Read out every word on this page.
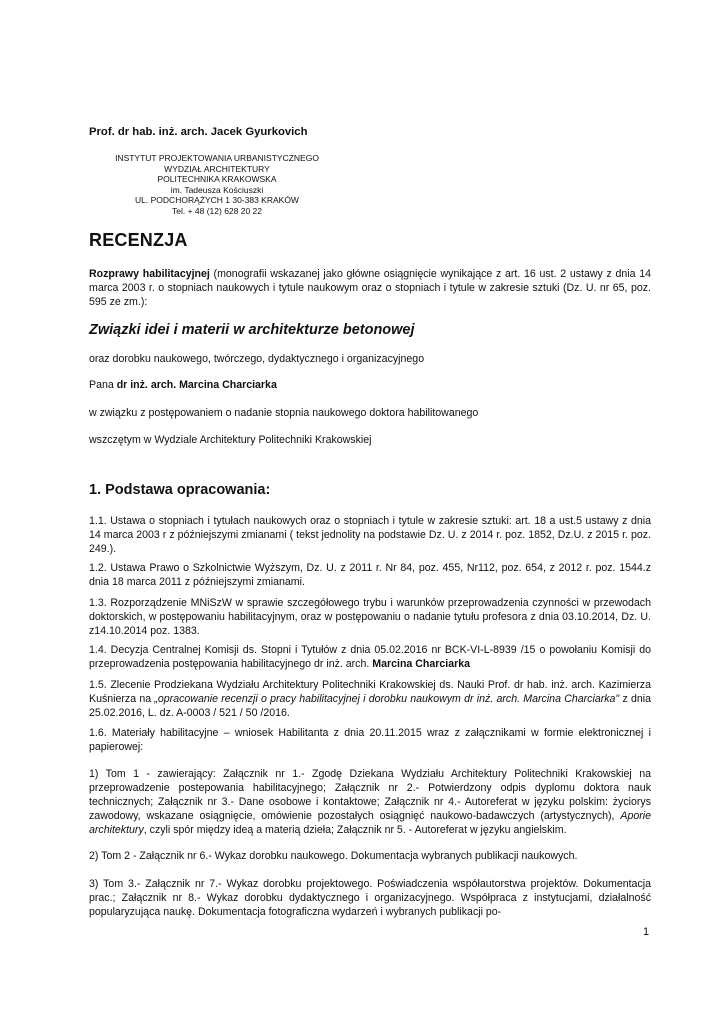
Prof. dr hab. inż. arch. Jacek Gyurkovich
INSTYTUT PROJEKTOWANIA URBANISTYCZNEGO
WYDZIAŁ ARCHITEKTURY
POLITECHNIKA KRAKOWSKA
im. Tadeusza Kościuszki
UL. PODCHORĄŻYCH 1 30-383 KRAKÓW
Tel. + 48 (12) 628 20 22
RECENZJA

Rozprawy habilitacyjnej (monografii wskazanej jako główne osiągnięcie wynikające z art. 16 ust. 2 ustawy z dnia 14 marca 2003 r. o stopniach naukowych i tytule naukowym oraz o stopniach i tytule w zakresie sztuki (Dz. U. nr 65, poz. 595 ze zm.):

Związki idei i materii w architekturze betonowej
oraz dorobku naukowego, twórczego, dydaktycznego i organizacyjnego
Pana dr inż. arch. Marcina Charciarka
w związku z postępowaniem o nadanie stopnia naukowego doktora habilitowanego
wszczętym w Wydziale Architektury Politechniki Krakowskiej
1. Podstawa opracowania:

1.1. Ustawa o stopniach i tytułach naukowych oraz o stopniach i tytule w zakresie sztuki: art. 18 a ust.5 ustawy z dnia 14 marca 2003 r z późniejszymi zmianami ( tekst jednolity na podstawie Dz. U. z 2014 r. poz. 1852, Dz.U. z 2015 r. poz. 249.).

1.2. Ustawa Prawo o Szkolnictwie Wyższym, Dz. U. z 2011 r. Nr 84, poz. 455, Nr112, poz. 654, z 2012 r. poz. 1544.z dnia 18 marca 2011 z późniejszymi zmianami.

1.3. Rozporządzenie MNiSzW w sprawie szczegółowego trybu i warunków przeprowadzenia czynności w przewodach doktorskich, w postępowaniu habilitacyjnym, oraz w postępowaniu o nadanie tytułu profesora z dnia 03.10.2014, Dz. U. z14.10.2014 poz. 1383.

1.4. Decyzja Centralnej Komisji ds. Stopni i Tytułów z dnia 05.02.2016 nr BCK-VI-L-8939 /15 o powołaniu Komisji do przeprowadzenia postępowania habilitacyjnego dr inż. arch. Marcina Charciarka

1.5. Zlecenie Prodziekana Wydziału Architektury Politechniki Krakowskiej ds. Nauki Prof. dr hab. inż. arch. Kazimierza Kuśnierza na „opracowanie recenzji o pracy habilitacyjnej i dorobku naukowym dr inż. arch. Marcina Charciarka" z dnia 25.02.2016, L. dz. A-0003 / 521 / 50 /2016.

1.6. Materiały habilitacyjne – wniosek Habilitanta z dnia 20.11.2015 wraz z załącznikami w formie elektronicznej i papierowej:

1) Tom 1 - zawierający: Załącznik nr 1.- Zgodę Dziekana Wydziału Architektury Politechniki Krakowskiej na przeprowadzenie postepowania habilitacyjnego; Załącznik nr 2.- Potwierdzony odpis dyplomu doktora nauk technicznych; Załącznik nr 3.- Dane osobowe i kontaktowe; Załącznik nr 4.- Autoreferat w języku polskim: życiorys zawodowy, wskazane osiągnięcie, omówienie pozostałych osiągnięć naukowo-badawczych (artystycznych), Aporie architektury, czyli spór między ideą a materią dzieła; Załącznik nr 5. - Autoreferat w języku angielskim.

2) Tom 2 - Załącznik nr 6.- Wykaz dorobku naukowego. Dokumentacja wybranych publikacji naukowych.

3) Tom 3.- Załącznik nr 7.- Wykaz dorobku projektowego. Poświadczenia współautorstwa projektów. Dokumentacja prac.; Załącznik nr 8.- Wykaz dorobku dydaktycznego i organizacyjnego. Współpraca z instytucjami, działalność popularyzująca naukę. Dokumentacja fotograficzna wydarzeń i wybranych publikacji po-

1
